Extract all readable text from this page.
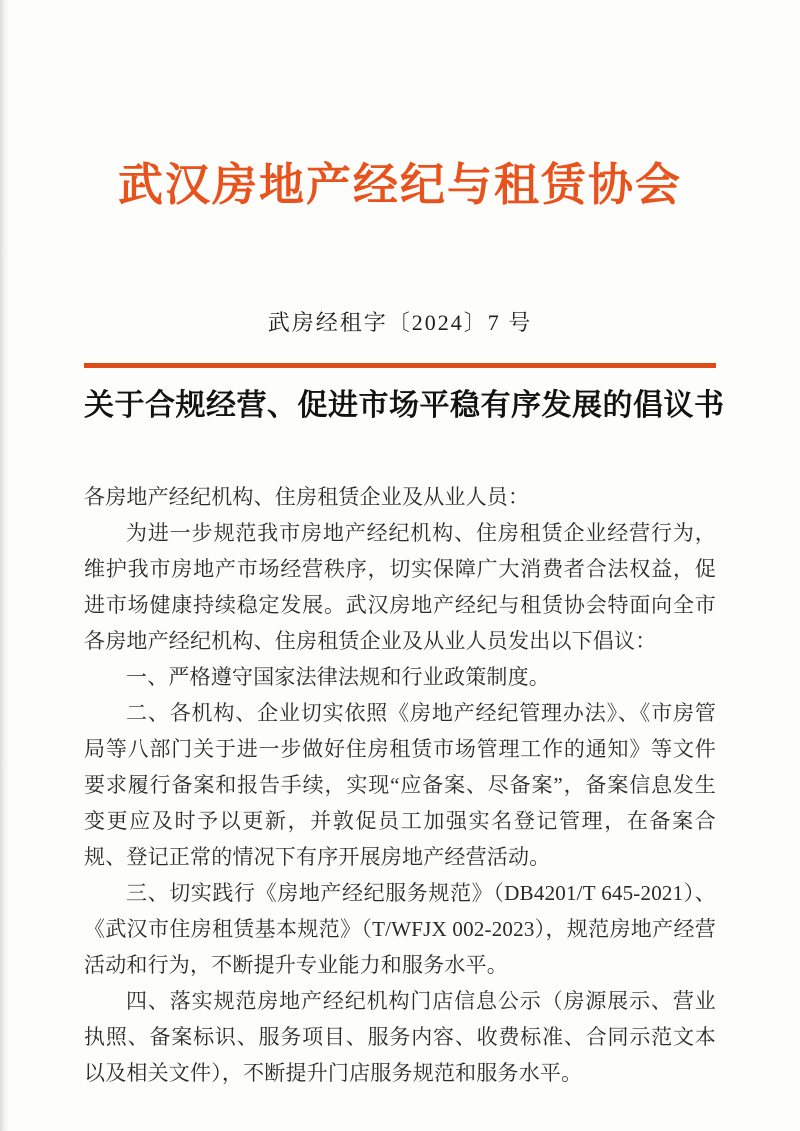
武汉房地产经纪与租赁协会
武房经租字〔2024〕7 号
关于合规经营、促进市场平稳有序发展的倡议书

各房地产经纪机构、住房租赁企业及从业人员：

为进一步规范我市房地产经纪机构、住房租赁企业经营行为，维护我市房地产市场经营秩序，切实保障广大消费者合法权益，促进市场健康持续稳定发展。武汉房地产经纪与租赁协会特面向全市各房地产经纪机构、住房租赁企业及从业人员发出以下倡议：

一、严格遵守国家法律法规和行业政策制度。

二、各机构、企业切实依照《房地产经纪管理办法》、《市房管局等八部门关于进一步做好住房租赁市场管理工作的通知》等文件要求履行备案和报告手续，实现“应备案、尽备案”，备案信息发生变更应及时予以更新，并敦促员工加强实名登记管理，在备案合规、登记正常的情况下有序开展房地产经营活动。

三、切实践行《房地产经纪服务规范》（DB4201/T 645-2021）、《武汉市住房租赁基本规范》（T/WFJX 002-2023），规范房地产经营活动和行为，不断提升专业能力和服务水平。

四、落实规范房地产经纪机构门店信息公示（房源展示、营业执照、备案标识、服务项目、服务内容、收费标准、合同示范文本以及相关文件），不断提升门店服务规范和服务水平。
